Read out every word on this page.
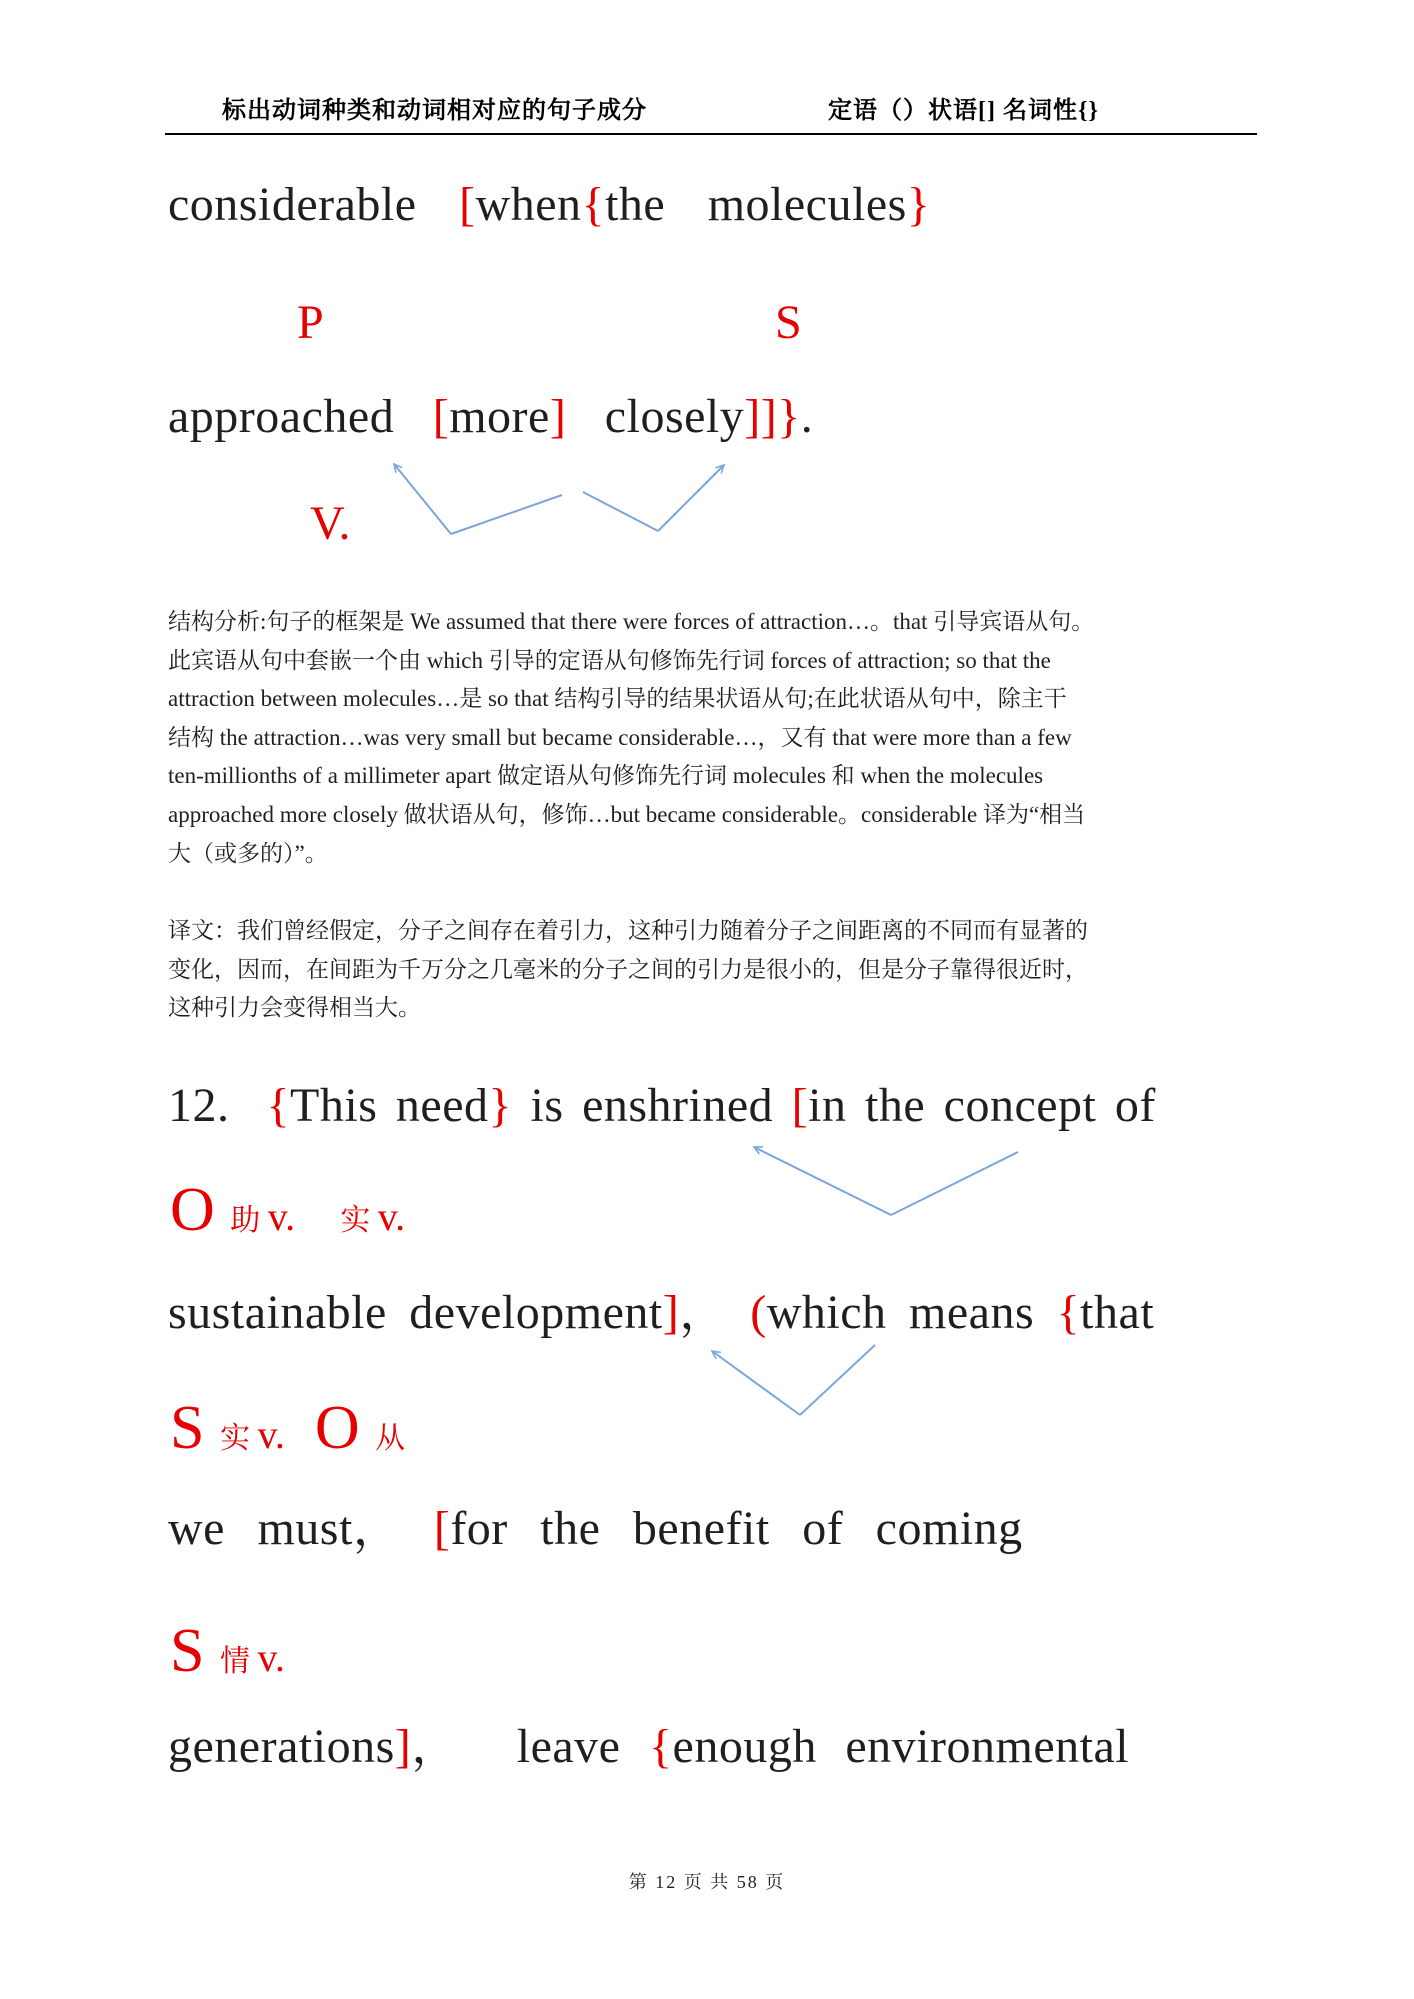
标出动词种类和动词相对应的句子成分	定语（）状语[] 名词性{}
considerable [when{the molecules}
P	S
approached [more] closely]]}.
V.
结构分析:句子的框架是 We assumed that there were forces of attraction…。that 引导宾语从句。
此宾语从句中套嵌一个由 which 引导的定语从句修饰先行词 forces of attraction; so that the
attraction between molecules…是 so that 结构引导的结果状语从句;在此状语从句中，除主干
结构 the attraction…was very small but became considerable…，又有 that were more than a few
ten-millionths of a millimeter apart 做定语从句修饰先行词 molecules 和 when the molecules
approached more closely 做状语从句，修饰…but became considerable。considerable 译为“相当
大（或多的）”。
译文：我们曾经假定，分子之间存在着引力，这种引力随着分子之间距离的不同而有显著的
变化，因而，在间距为千万分之几毫米的分子之间的引力是很小的，但是分子靠得很近时，
这种引力会变得相当大。
12.  {This need} is enshrined [in the concept of
O 助 v. 实 v.
sustainable development]， (which means {that
S 实 v. O 从
we must， [for the benefit of coming
S 情 v.
generations]，  leave {enough environmental
第 12 页 共 58 页
